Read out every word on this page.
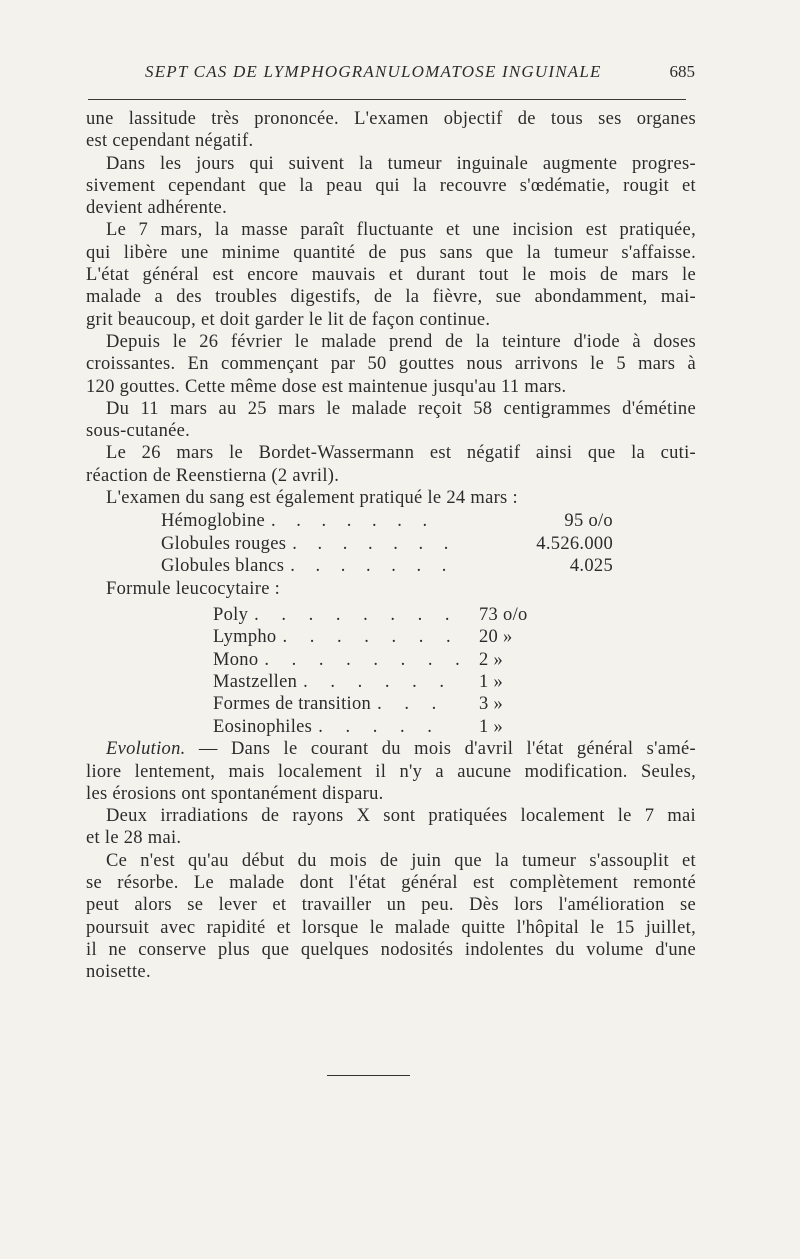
SEPT CAS DE LYMPHOGRANULOMATOSE INGUINALE	685
une lassitude très prononcée. L'examen objectif de tous ses organes
est cependant négatif.
Dans les jours qui suivent la tumeur inguinale augmente progres-
sivement cependant que la peau qui la recouvre s'œdématie, rougit et
devient adhérente.
Le 7 mars, la masse paraît fluctuante et une incision est pratiquée,
qui libère une minime quantité de pus sans que la tumeur s'affaisse.
L'état général est encore mauvais et durant tout le mois de mars le
malade a des troubles digestifs, de la fièvre, sue abondamment, mai-
grit beaucoup, et doit garder le lit de façon continue.
Depuis le 26 février le malade prend de la teinture d'iode à doses
croissantes. En commençant par 50 gouttes nous arrivons le 5 mars à
120 gouttes. Cette même dose est maintenue jusqu'au 11 mars.
Du 11 mars au 25 mars le malade reçoit 58 centigrammes d'émétine
sous-cutanée.
Le 26 mars le Bordet-Wassermann est négatif ainsi que la cuti-
réaction de Reenstierna (2 avril).
L'examen du sang est également pratiqué le 24 mars :
Hémoglobine . . . . . . .	95 o/o
Globules rouges . . . . . . .	4.526.000
Globules blancs . . . . . . .	4.025
Formule leucocytaire :
Poly . . . . . . . .	73 o/o
Lympho . . . . . . .	20 »
Mono . . . . . . . . 2 »
Mastzellen . . . . . .	1 »
Formes de transition . . .	3 »
Eosinophiles . . . . .	1 »
Evolution. — Dans le courant du mois d'avril l'état général s'amé-
liore lentement, mais localement il n'y a aucune modification. Seules,
les érosions ont spontanément disparu.
Deux irradiations de rayons X sont pratiquées localement le 7 mai
et le 28 mai.
Ce n'est qu'au début du mois de juin que la tumeur s'assouplit et
se résorbe. Le malade dont l'état général est complètement remonté
peut alors se lever et travailler un peu. Dès lors l'amélioration se
poursuit avec rapidité et lorsque le malade quitte l'hôpital le 15 juillet,
il ne conserve plus que quelques nodosités indolentes du volume d'une
noisette.
